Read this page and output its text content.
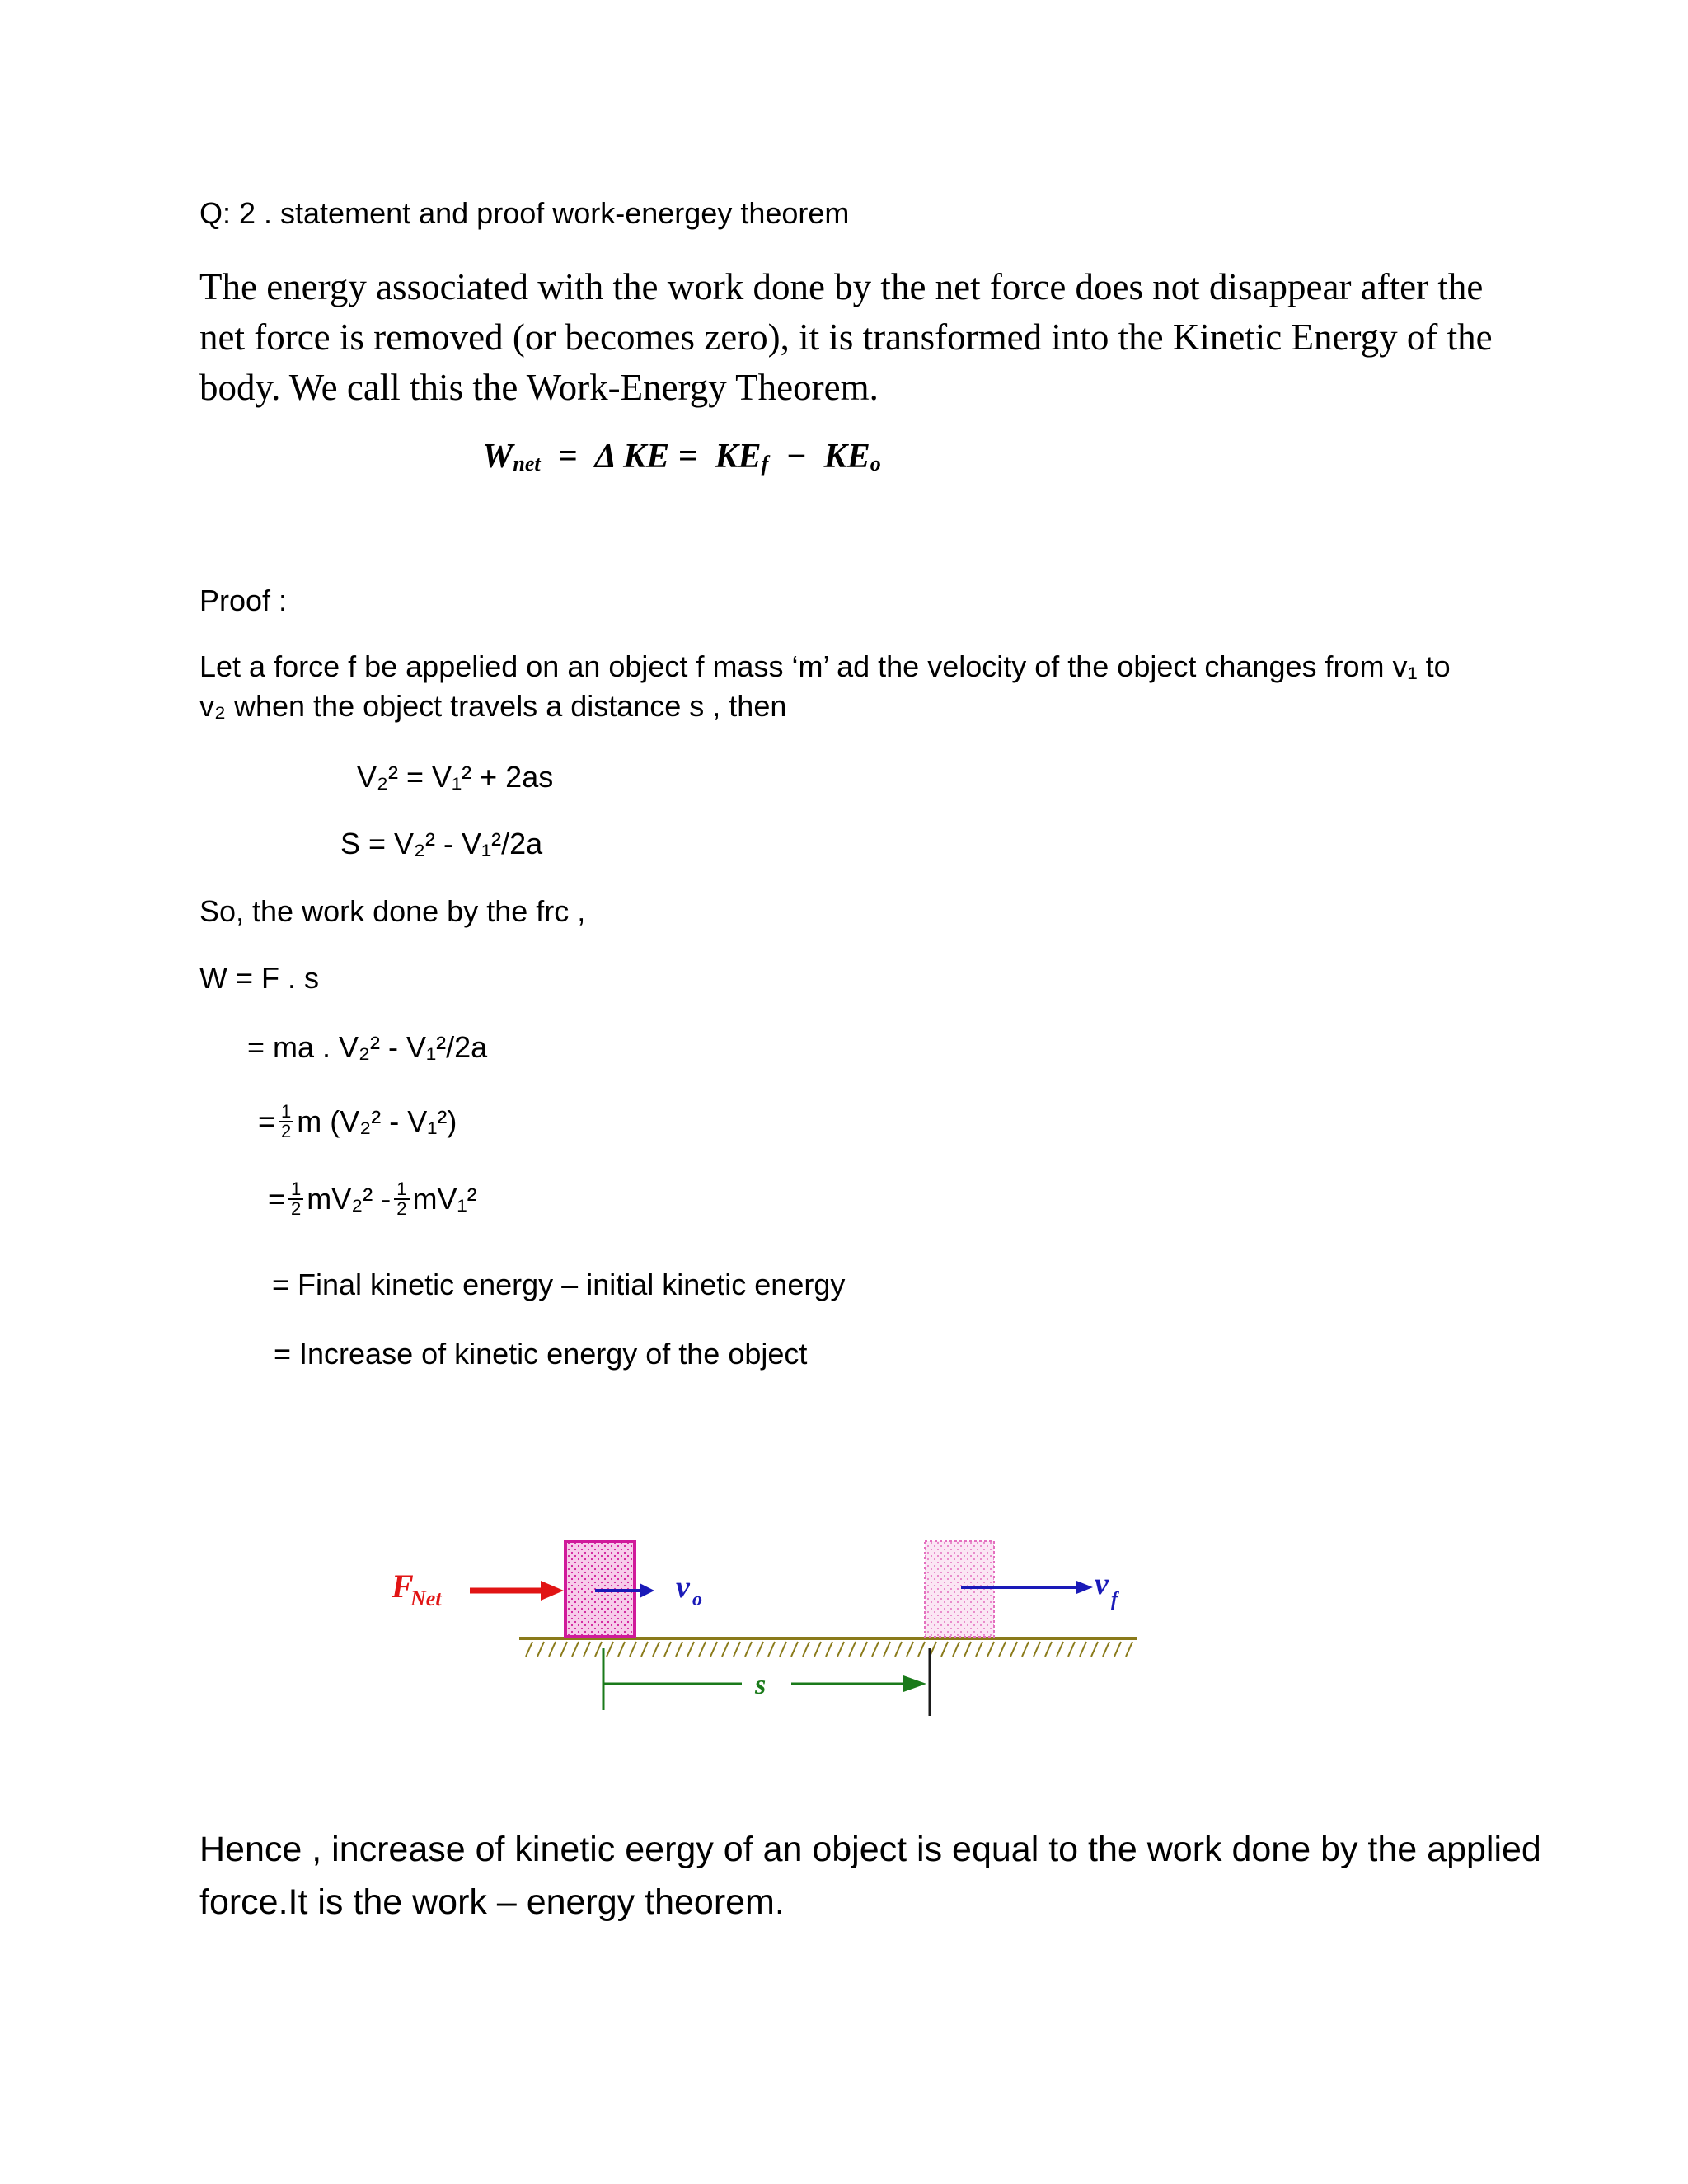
Q: 2 . statement and proof work-energey theorem
The energy associated with the work done by the net force does not disappear after the net force is removed (or becomes zero), it is transformed into the Kinetic Energy of the body. We call this the Work-Energy Theorem.
Wnet  =  Δ KE =  KEf  −  KEo
Proof :
Let a force f be appelied on an object f mass ‘m’ ad the velocity of the object changes from v₁ to
v₂ when the object travels a distance s , then
V₂² = V₁² + 2as
S = V₂² - V₁²/2a
So, the work done by the frc ,
W = F . s
= ma . V₂² - V₁²/2a
= $\frac{1}{2}$ m (V₂² - V₁²)
= $\frac{1}{2} mV_2^2 - \frac{1}{2} mV_1^2$
= Final kinetic energy – initial kinetic energy
= Increase of kinetic energy of the object
F
Net	v o	v f
s
Hence , increase of kinetic eergy of an object is equal to the work done by the applied force.It is the work – energy theorem.
